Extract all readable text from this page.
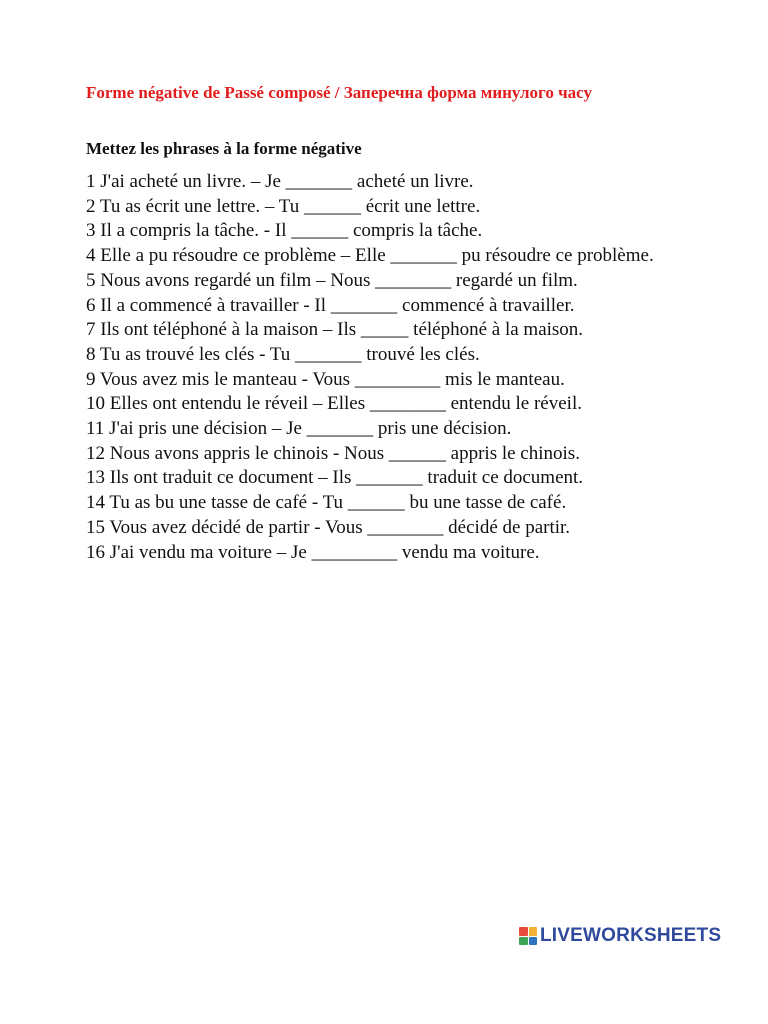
Forme négative de Passé composé / Заперечна форма минулого часу

Mettez les phrases à la forme négative

1 J'ai acheté un livre. – Je _______ acheté un livre.
2 Tu as écrit une lettre. – Tu ______ écrit une lettre.
3 Il a compris la tâche. - Il ______ compris la tâche.
4 Elle a pu résoudre ce problème – Elle _______ pu résoudre ce problème.
5 Nous avons regardé un film – Nous ________ regardé un film.
6 Il a commencé à travailler - Il _______ commencé à travailler.
7 Ils ont téléphoné à la maison – Ils _____ téléphoné à la maison.
8 Tu as trouvé les clés - Tu _______ trouvé les clés.
9 Vous avez mis le manteau - Vous _________ mis le manteau.
10 Elles ont entendu le réveil – Elles ________ entendu le réveil.
11 J'ai pris une décision – Je _______ pris une décision.
12 Nous avons appris le chinois - Nous ______ appris le chinois.
13 Ils ont traduit ce document – Ils _______ traduit ce document.
14 Tu as bu une tasse de café - Tu ______ bu une tasse de café.
15 Vous avez décidé de partir - Vous ________ décidé de partir.
16 J'ai vendu ma voiture – Je _________ vendu ma voiture.
LIVEWORKSHEETS
